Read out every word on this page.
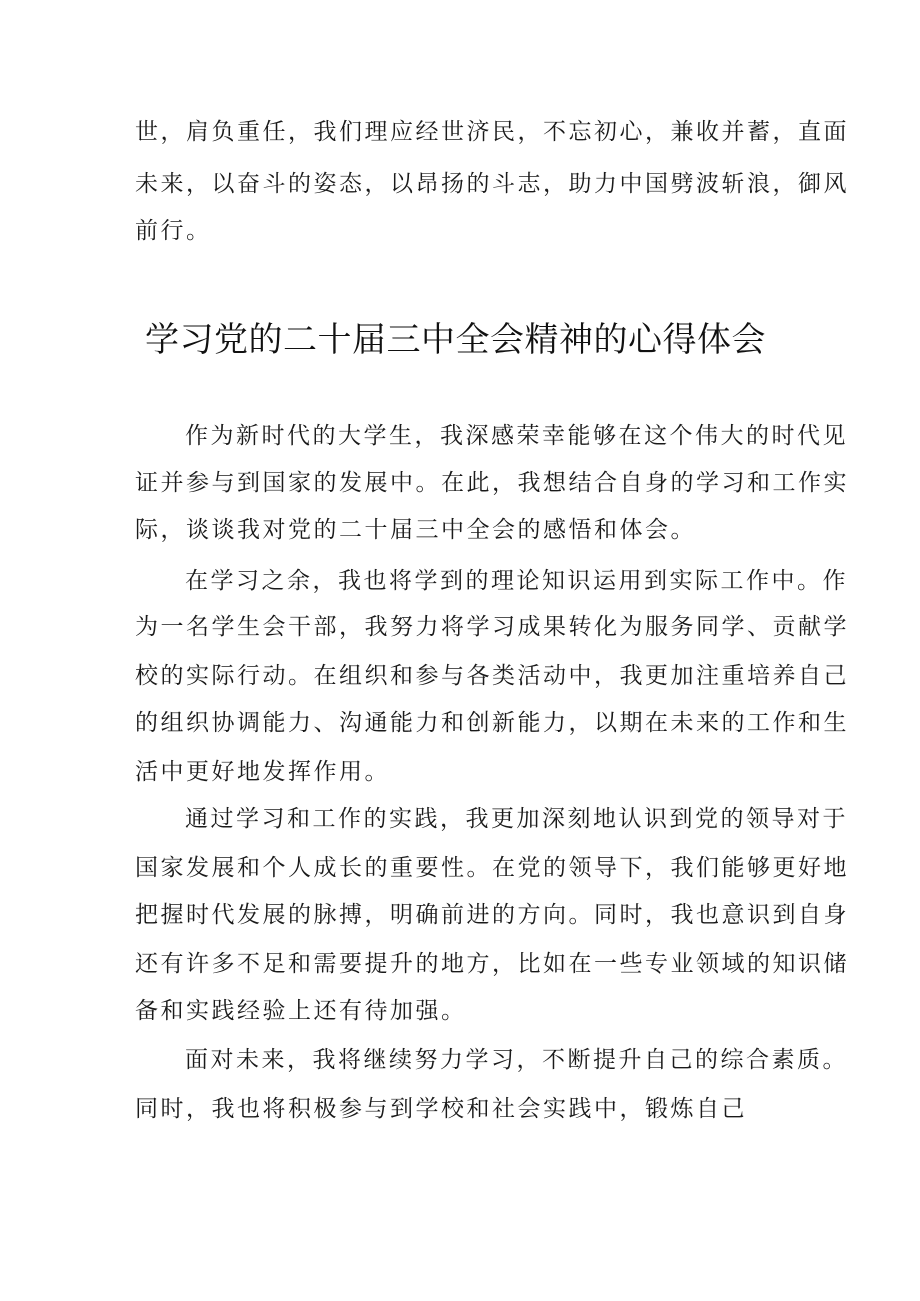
世，肩负重任，我们理应经世济民，不忘初心，兼收并蓄，直面
未来，以奋斗的姿态，以昂扬的斗志，助力中国劈波斩浪，御风
前行。
学习党的二十届三中全会精神的心得体会
作为新时代的大学生，我深感荣幸能够在这个伟大的时代见
证并参与到国家的发展中。在此，我想结合自身的学习和工作实
际，谈谈我对党的二十届三中全会的感悟和体会。
在学习之余，我也将学到的理论知识运用到实际工作中。作
为一名学生会干部，我努力将学习成果转化为服务同学、贡献学
校的实际行动。在组织和参与各类活动中，我更加注重培养自己
的组织协调能力、沟通能力和创新能力，以期在未来的工作和生
活中更好地发挥作用。
通过学习和工作的实践，我更加深刻地认识到党的领导对于
国家发展和个人成长的重要性。在党的领导下，我们能够更好地
把握时代发展的脉搏，明确前进的方向。同时，我也意识到自身
还有许多不足和需要提升的地方，比如在一些专业领域的知识储
备和实践经验上还有待加强。
面对未来，我将继续努力学习，不断提升自己的综合素质。
同时，我也将积极参与到学校和社会实践中，锻炼自己
